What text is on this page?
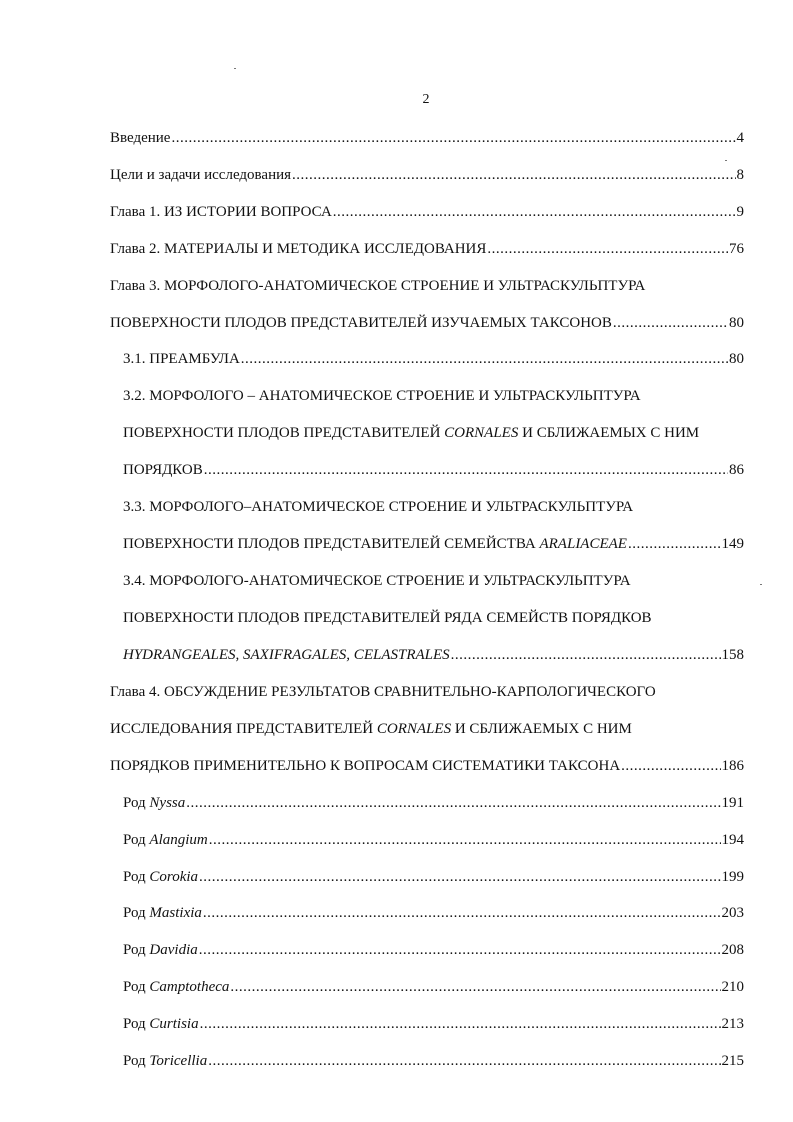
2
Введение .....	4
Цели и задачи исследования .....	8
Глава 1. ИЗ ИСТОРИИ ВОПРОСА .....	9
Глава 2. МАТЕРИАЛЫ И МЕТОДИКА ИССЛЕДОВАНИЯ .....	76
Глава 3. МОРФОЛОГО-АНАТОМИЧЕСКОЕ СТРОЕНИЕ И УЛЬТРАСКУЛЬПТУРА
ПОВЕРХНОСТИ ПЛОДОВ ПРЕДСТАВИТЕЛЕЙ ИЗУЧАЕМЫХ ТАКСОНОВ .....	80
3.1. ПРЕАМБУЛА .....	80
3.2. МОРФОЛОГО – АНАТОМИЧЕСКОЕ СТРОЕНИЕ И УЛЬТРАСКУЛЬПТУРА
ПОВЕРХНОСТИ ПЛОДОВ ПРЕДСТАВИТЕЛЕЙ CORNALES И СБЛИЖАЕМЫХ С НИМ
ПОРЯДКОВ .....	86
3.3. МОРФОЛОГО–АНАТОМИЧЕСКОЕ СТРОЕНИЕ И УЛЬТРАСКУЛЬПТУРА
ПОВЕРХНОСТИ ПЛОДОВ ПРЕДСТАВИТЕЛЕЙ СЕМЕЙСТВА ARALIACEAE .....	149
3.4. МОРФОЛОГО-АНАТОМИЧЕСКОЕ СТРОЕНИЕ И УЛЬТРАСКУЛЬПТУРА
ПОВЕРХНОСТИ ПЛОДОВ ПРЕДСТАВИТЕЛЕЙ РЯДА СЕМЕЙСТВ ПОРЯДКОВ
HYDRANGEALES, SAXIFRAGALES, CELASTRALES .....	158
Глава 4. ОБСУЖДЕНИЕ РЕЗУЛЬТАТОВ СРАВНИТЕЛЬНО-КАРПОЛОГИЧЕСКОГО
ИССЛЕДОВАНИЯ ПРЕДСТАВИТЕЛЕЙ CORNALES И СБЛИЖАЕМЫХ С НИМ
ПОРЯДКОВ ПРИМЕНИТЕЛЬНО К ВОПРОСАМ СИСТЕМАТИКИ ТАКСОНА .....	186
Род Nyssa .....	191
Род Alangium .....	194
Род Corokia .....	199
Род Mastixia .....	203
Род Davidia .....	208
Род Camptotheca .....	210
Род Curtisia .....	213
Род Toricellia .....	215
